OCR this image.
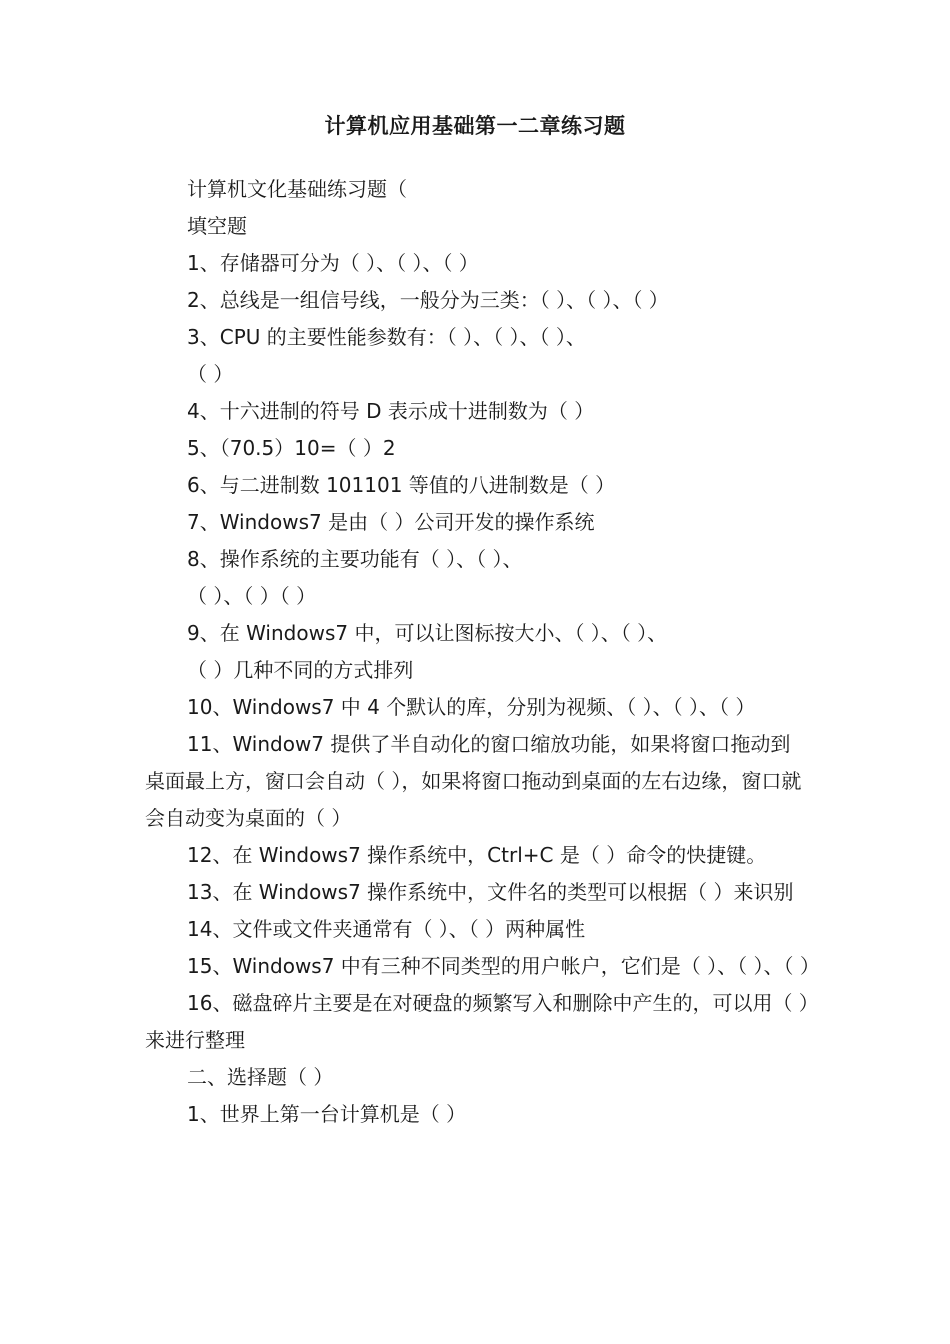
计算机应用基础第一二章练习题
计算机文化基础练习题（
填空题
1、存储器可分为（ ）、（ ）、（ ）
2、总线是一组信号线，一般分为三类：（ ）、（ ）、（ ）
3、CPU 的主要性能参数有：（ ）、（ ）、（ ）、
（ ）
4、十六进制的符号 D 表示成十进制数为（ ）
5、（70.5）10=（ ）2
6、与二进制数 101101 等值的八进制数是（ ）
7、Windows7 是由（ ）公司开发的操作系统
8、操作系统的主要功能有（ ）、（ ）、
（ ）、（ ）（ ）
9、在 Windows7 中，可以让图标按大小、（ ）、（ ）、
（ ）几种不同的方式排列
10、Windows7 中 4 个默认的库，分别为视频、（ ）、（ ）、（ ）
11、Window7 提供了半自动化的窗口缩放功能，如果将窗口拖动到桌面最上方，窗口会自动（ ），如果将窗口拖动到桌面的左右边缘，窗口就会自动变为桌面的（ ）
12、在 Windows7 操作系统中，Ctrl+C 是（ ）命令的快捷键。
13、在 Windows7 操作系统中，文件名的类型可以根据（ ）来识别
14、文件或文件夹通常有（ ）、（ ）两种属性
15、Windows7 中有三种不同类型的用户帐户，它们是（ ）、（ ）、（ ）
16、磁盘碎片主要是在对硬盘的频繁写入和删除中产生的，可以用（ ）来进行整理
二、选择题（ ）
1、世界上第一台计算机是（ ）
